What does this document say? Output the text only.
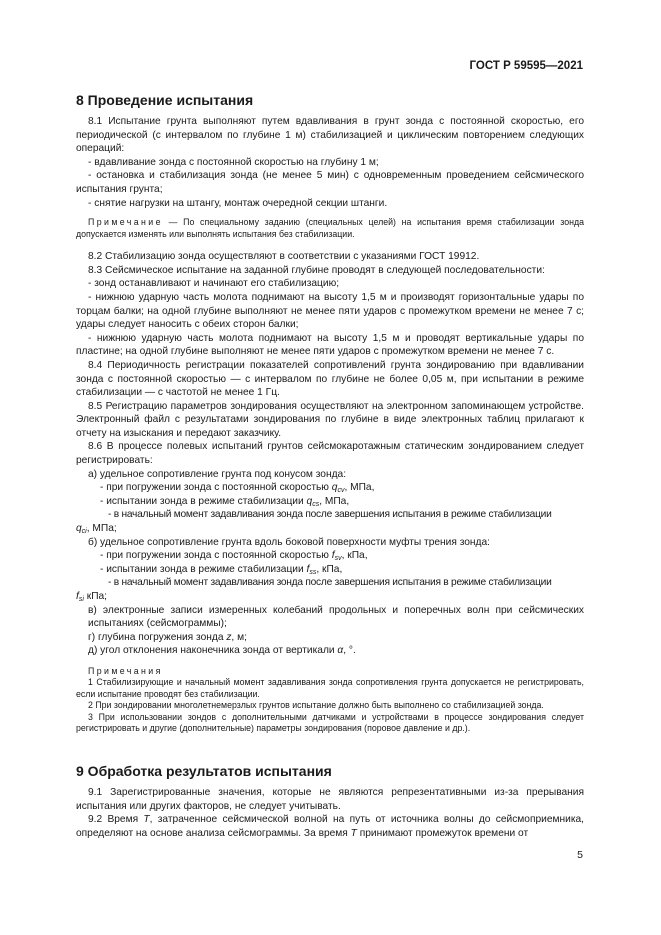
ГОСТ Р 59595—2021
8 Проведение испытания
8.1 Испытание грунта выполняют путем вдавливания в грунт зонда с постоянной скоростью, его периодической (с интервалом по глубине 1 м) стабилизацией и циклическим повторением следующих операций:
- вдавливание зонда с постоянной скоростью на глубину 1 м;
- остановка и стабилизация зонда (не менее 5 мин) с одновременным проведением сейсмического испытания грунта;
- снятие нагрузки на штангу, монтаж очередной секции штанги.
Примечание — По специальному заданию (специальных целей) на испытания время стабилизации зонда допускается изменять или выполнять испытания без стабилизации.
8.2 Стабилизацию зонда осуществляют в соответствии с указаниями ГОСТ 19912.
8.3 Сейсмическое испытание на заданной глубине проводят в следующей последовательности:
- зонд останавливают и начинают его стабилизацию;
- нижнюю ударную часть молота поднимают на высоту 1,5 м и производят горизонтальные удары по торцам балки; на одной глубине выполняют не менее пяти ударов с промежутком времени не менее 7 с; удары следует наносить с обеих сторон балки;
- нижнюю ударную часть молота поднимают на высоту 1,5 м и проводят вертикальные удары по пластине; на одной глубине выполняют не менее пяти ударов с промежутком времени не менее 7 с.
8.4 Периодичность регистрации показателей сопротивлений грунта зондированию при вдавливании зонда с постоянной скоростью — с интервалом по глубине не более 0,05 м, при испытании в режиме стабилизации — с частотой не менее 1 Гц.
8.5 Регистрацию параметров зондирования осуществляют на электронном запоминающем устройстве. Электронный файл с результатами зондирования по глубине в виде электронных таблиц прилагают к отчету на изыскания и передают заказчику.
8.6 В процессе полевых испытаний грунтов сейсмокаротажным статическим зондированием следует регистрировать:
а) удельное сопротивление грунта под конусом зонда:
- при погружении зонда с постоянной скоростью $q_{cv}$, МПа,
- испытании зонда в режиме стабилизации $q_{cs}$, МПа,
- в начальный момент задавливания зонда после завершения испытания в режиме стабилизации
$q_{ci}$, МПа;
б) удельное сопротивление грунта вдоль боковой поверхности муфты трения зонда:
- при погружении зонда с постоянной скоростью $f_{sv}$, кПа,
- испытании зонда в режиме стабилизации $f_{ss}$, кПа,
- в начальный момент задавливания зонда после завершения испытания в режиме стабилизации
$f_{si}$ кПа;
в) электронные записи измеренных колебаний продольных и поперечных волн при сейсмических испытаниях (сейсмограммы);
г) глубина погружения зонда z, м;
д) угол отклонения наконечника зонда от вертикали α, °.
Примечания
1 Стабилизирующие и начальный момент задавливания зонда сопротивления грунта допускается не регистрировать, если испытание проводят без стабилизации.
2 При зондировании многолетнемерзлых грунтов испытание должно быть выполнено со стабилизацией зонда.
3 При использовании зондов с дополнительными датчиками и устройствами в процессе зондирования следует регистрировать и другие (дополнительные) параметры зондирования (поровое давление и др.).
9 Обработка результатов испытания
9.1 Зарегистрированные значения, которые не являются репрезентативными из-за прерывания испытания или других факторов, не следует учитывать.
9.2 Время T, затраченное сейсмической волной на путь от источника волны до сейсмоприемника, определяют на основе анализа сейсмограммы. За время T принимают промежуток времени от
5
